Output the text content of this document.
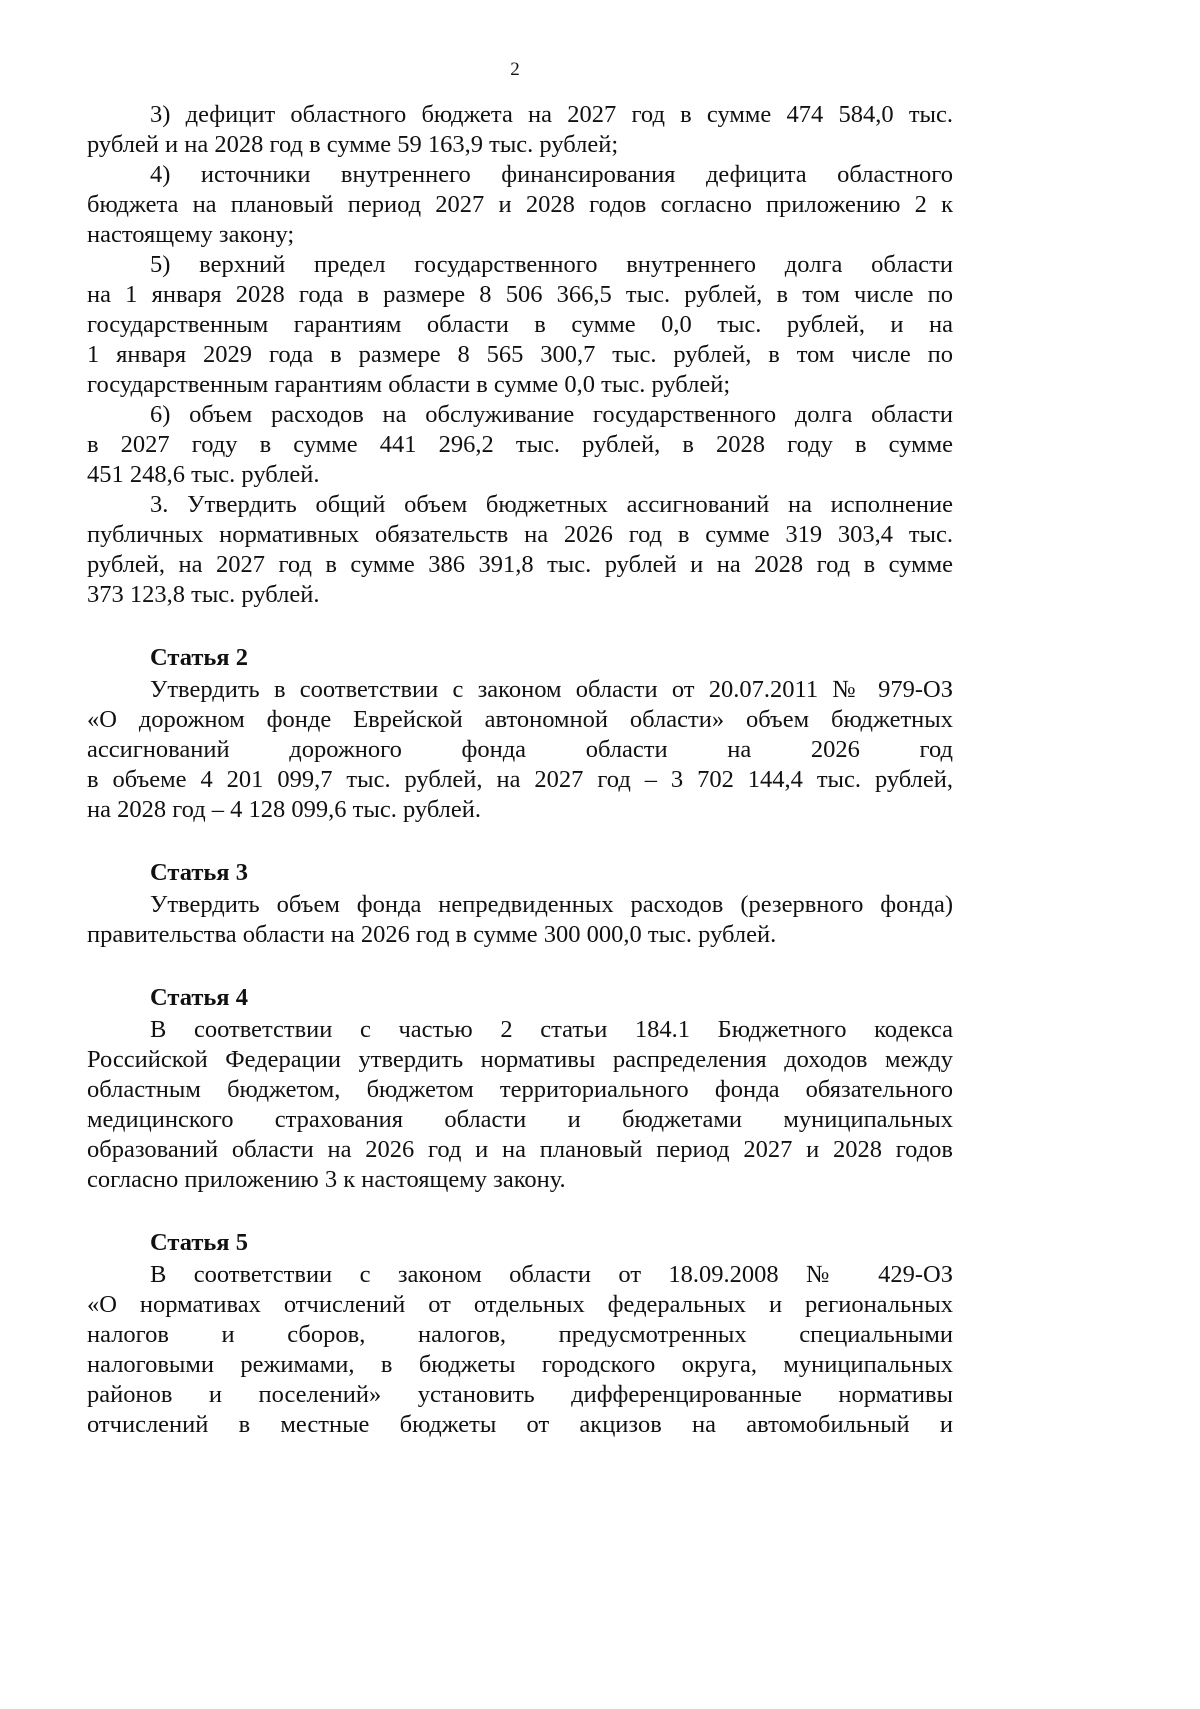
2
3) дефицит областного бюджета на 2027 год в сумме 474 584,0 тыс.
рублей и на 2028 год в сумме 59 163,9 тыс. рублей;
4) источники внутреннего финансирования дефицита областного
бюджета на плановый период 2027 и 2028 годов согласно приложению 2 к
настоящему закону;
5) верхний предел государственного внутреннего долга области
на 1 января 2028 года в размере 8 506 366,5 тыс. рублей, в том числе по
государственным гарантиям области в сумме 0,0 тыс. рублей, и на
1 января 2029 года в размере 8 565 300,7 тыс. рублей, в том числе по
государственным гарантиям области в сумме 0,0 тыс. рублей;
6) объем расходов на обслуживание государственного долга области
в 2027 году в сумме 441 296,2 тыс. рублей, в 2028 году в сумме
451 248,6 тыс. рублей.
3. Утвердить общий объем бюджетных ассигнований на исполнение
публичных нормативных обязательств на 2026 год в сумме 319 303,4 тыс.
рублей, на 2027 год в сумме 386 391,8 тыс. рублей и на 2028 год в сумме
373 123,8 тыс. рублей.
Статья 2
Утвердить в соответствии с законом области от 20.07.2011 № 979-ОЗ
«О дорожном фонде Еврейской автономной области» объем бюджетных
ассигнований дорожного фонда области на 2026 год
в объеме 4 201 099,7 тыс. рублей, на 2027 год – 3 702 144,4 тыс. рублей,
на 2028 год – 4 128 099,6 тыс. рублей.
Статья 3
Утвердить объем фонда непредвиденных расходов (резервного фонда)
правительства области на 2026 год в сумме 300 000,0 тыс. рублей.
Статья 4
В соответствии с частью 2 статьи 184.1 Бюджетного кодекса
Российской Федерации утвердить нормативы распределения доходов между
областным бюджетом, бюджетом территориального фонда обязательного
медицинского страхования области и бюджетами муниципальных
образований области на 2026 год и на плановый период 2027 и 2028 годов
согласно приложению 3 к настоящему закону.
Статья 5
В соответствии с законом области от 18.09.2008 № 429-ОЗ
«О нормативах отчислений от отдельных федеральных и региональных
налогов и сборов, налогов, предусмотренных специальными
налоговыми режимами, в бюджеты городского округа, муниципальных
районов и поселений» установить дифференцированные нормативы
отчислений в местные бюджеты от акцизов на автомобильный и
